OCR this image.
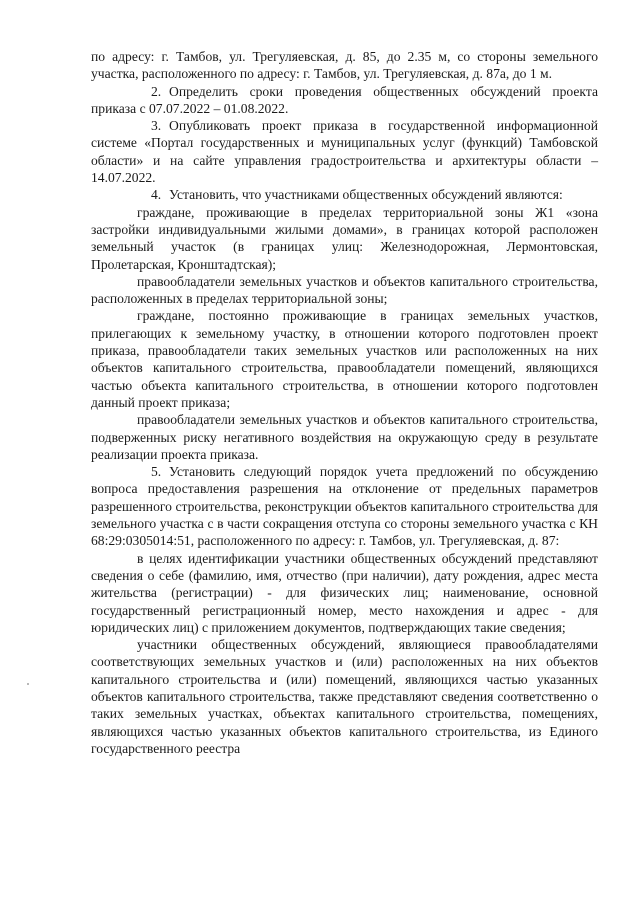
по адресу: г. Тамбов, ул. Трегуляевская, д. 85, до 2.35 м, со стороны земельного участка, расположенного по адресу: г. Тамбов, ул. Трегуляевская, д. 87а, до 1 м.

2. Определить сроки проведения общественных обсуждений проекта приказа с 07.07.2022 – 01.08.2022.

3. Опубликовать проект приказа в государственной информационной системе «Портал государственных и муниципальных услуг (функций) Тамбовской области» и на сайте управления градостроительства и архитектуры области – 14.07.2022.

4. Установить, что участниками общественных обсуждений являются:

граждане, проживающие в пределах территориальной зоны Ж1 «зона застройки индивидуальными жилыми домами», в границах которой расположен земельный участок (в границах улиц: Железнодорожная, Лермонтовская, Пролетарская, Кронштадтская);

правообладатели земельных участков и объектов капитального строительства, расположенных в пределах территориальной зоны;

граждане, постоянно проживающие в границах земельных участков, прилегающих к земельному участку, в отношении которого подготовлен проект приказа, правообладатели таких земельных участков или расположенных на них объектов капитального строительства, правообладатели помещений, являющихся частью объекта капитального строительства, в отношении которого подготовлен данный проект приказа;

правообладатели земельных участков и объектов капитального строительства, подверженных риску негативного воздействия на окружающую среду в результате реализации проекта приказа.

5. Установить следующий порядок учета предложений по обсуждению вопроса предоставления разрешения на отклонение от предельных параметров разрешенного строительства, реконструкции объектов капитального строительства для земельного участка с в части сокращения отступа со стороны земельного участка с КН 68:29:0305014:51, расположенного по адресу: г. Тамбов, ул. Трегуляевская, д. 87:

в целях идентификации участники общественных обсуждений представляют сведения о себе (фамилию, имя, отчество (при наличии), дату рождения, адрес места жительства (регистрации) - для физических лиц; наименование, основной государственный регистрационный номер, место нахождения и адрес - для юридических лиц) с приложением документов, подтверждающих такие сведения;

участники общественных обсуждений, являющиеся правообладателями соответствующих земельных участков и (или) расположенных на них объектов капитального строительства и (или) помещений, являющихся частью указанных объектов капитального строительства, также представляют сведения соответственно о таких земельных участках, объектах капитального строительства, помещениях, являющихся частью указанных объектов капитального строительства, из Единого государственного реестра
